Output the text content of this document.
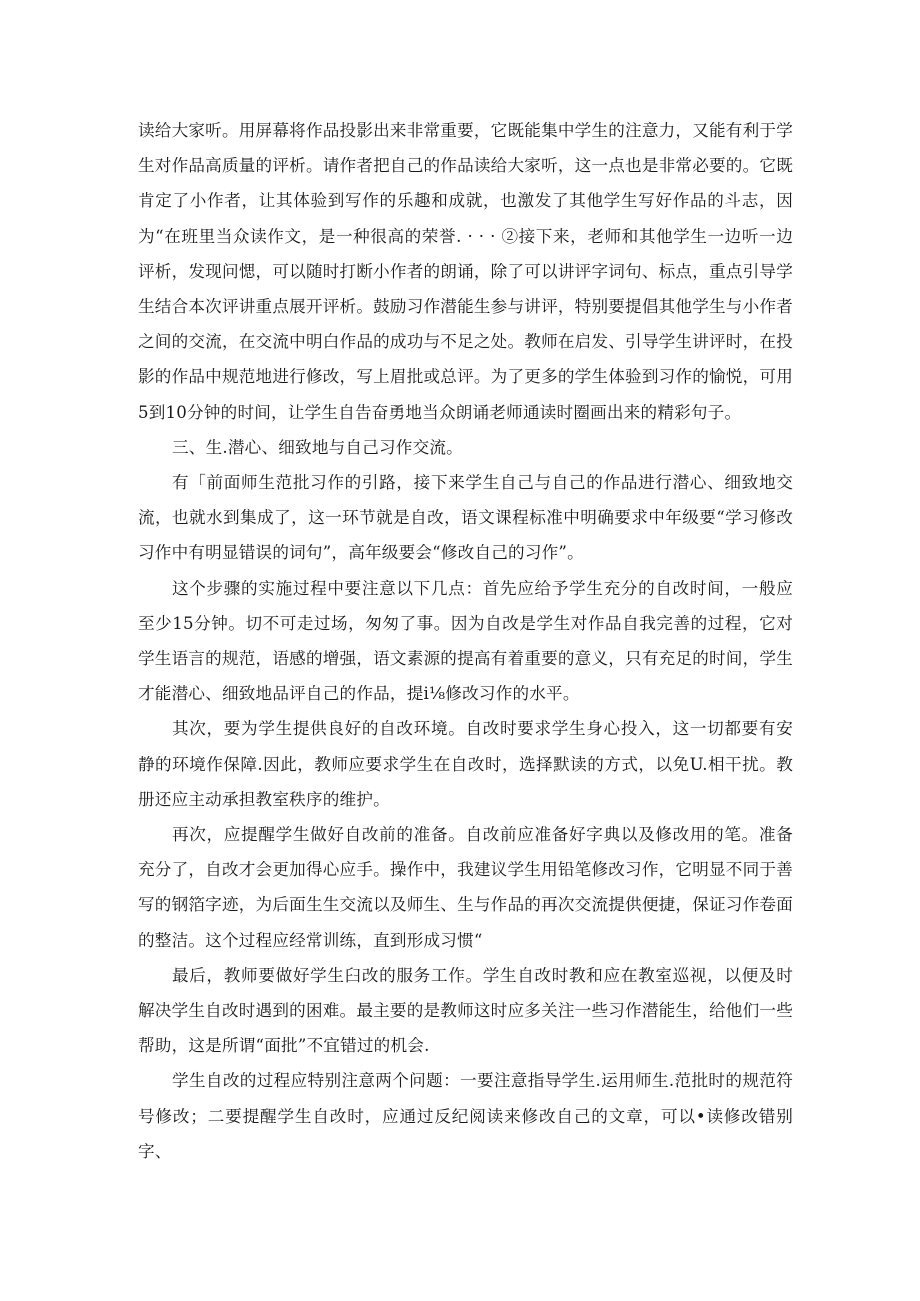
读给大家听。用屏幕将作品投影出来非常重要，它既能集中学生的注意力，又能有利于学生对作品高质量的评析。请作者把自己的作品读给大家听，这一点也是非常必要的。它既肯定了小作者，让其体验到写作的乐趣和成就，也激发了其他学生写好作品的斗志，因为“在班里当众读作文，是一种很高的荣誉. · · · ②接下来，老师和其他学生一边听一边评析，发现问愢，可以随时打断小作者的朗诵，除了可以讲评字词句、标点，重点引导学生结合本次评讲重点展开评析。鼓励习作潜能生参与讲评，特别要提倡其他学生与小作者之间的交流，在交流中明白作品的成功与不足之处。教师在启发、引导学生讲评时，在投影的作品中规范地进行修改，写上眉批或总评。为了更多的学生体验到习作的愉悦，可用5到10分钟的时间，让学生自告奋勇地当众朗诵老师通读时圈画出来的精彩句子。

三、生.潜心、细致地与自己习作交流。

有「前面师生范批习作的引路，接下来学生自己与自己的作品进行潜心、细致地交流，也就水到集成了，这一环节就是自改，语文课程标准中明确要求中年级要“学习修改习作中有明显错误的词句”，高年级要会“修改自己的习作”。

这个步骤的实施过程中要注意以下几点：首先应给予学生充分的自改时间，一般应至少15分钟。切不可走过场，匆匆了事。因为自改是学生对作品自我完善的过程，它对学生语言的规范，语感的增强，语文素源的提高有着重要的意义，只有充足的时间，学生才能潜心、细致地品评自己的作品，提i⅛修改习作的水平。

其次，要为学生提供良好的自改环境。自改时要求学生身心投入，这一切都要有安静的环境作保障.因此，教师应要求学生在自改时，选择默读的方式，以免U.相干扰。教册还应主动承担教室秩序的维护。

再次，应提醒学生做好自改前的准备。自改前应准备好字典以及修改用的笔。准备充分了，自改才会更加得心应手。操作中，我建议学生用铅笔修改习作，它明显不同于善写的钢箔字迹，为后面生生交流以及师生、生与作品的再次交流提供便捷，保证习作卷面的整洁。这个过程应经常训练，直到形成习惯“

最后，教师要做好学生臼改的服务工作。学生自改时教和应在教室巡视，以便及时解决学生自改时遇到的困难。最主要的是教师这时应多关注一些习作潜能生，给他们一些帮助，这是所谓“面批”不宜错过的机会.

学生自改的过程应特别注意两个问题：一要注意指导学生.运用师生.范批时的规范符号修改；二要提醒学生自改时，应通过反纪阅读来修改自己的文章，可以•读修改错别字、
